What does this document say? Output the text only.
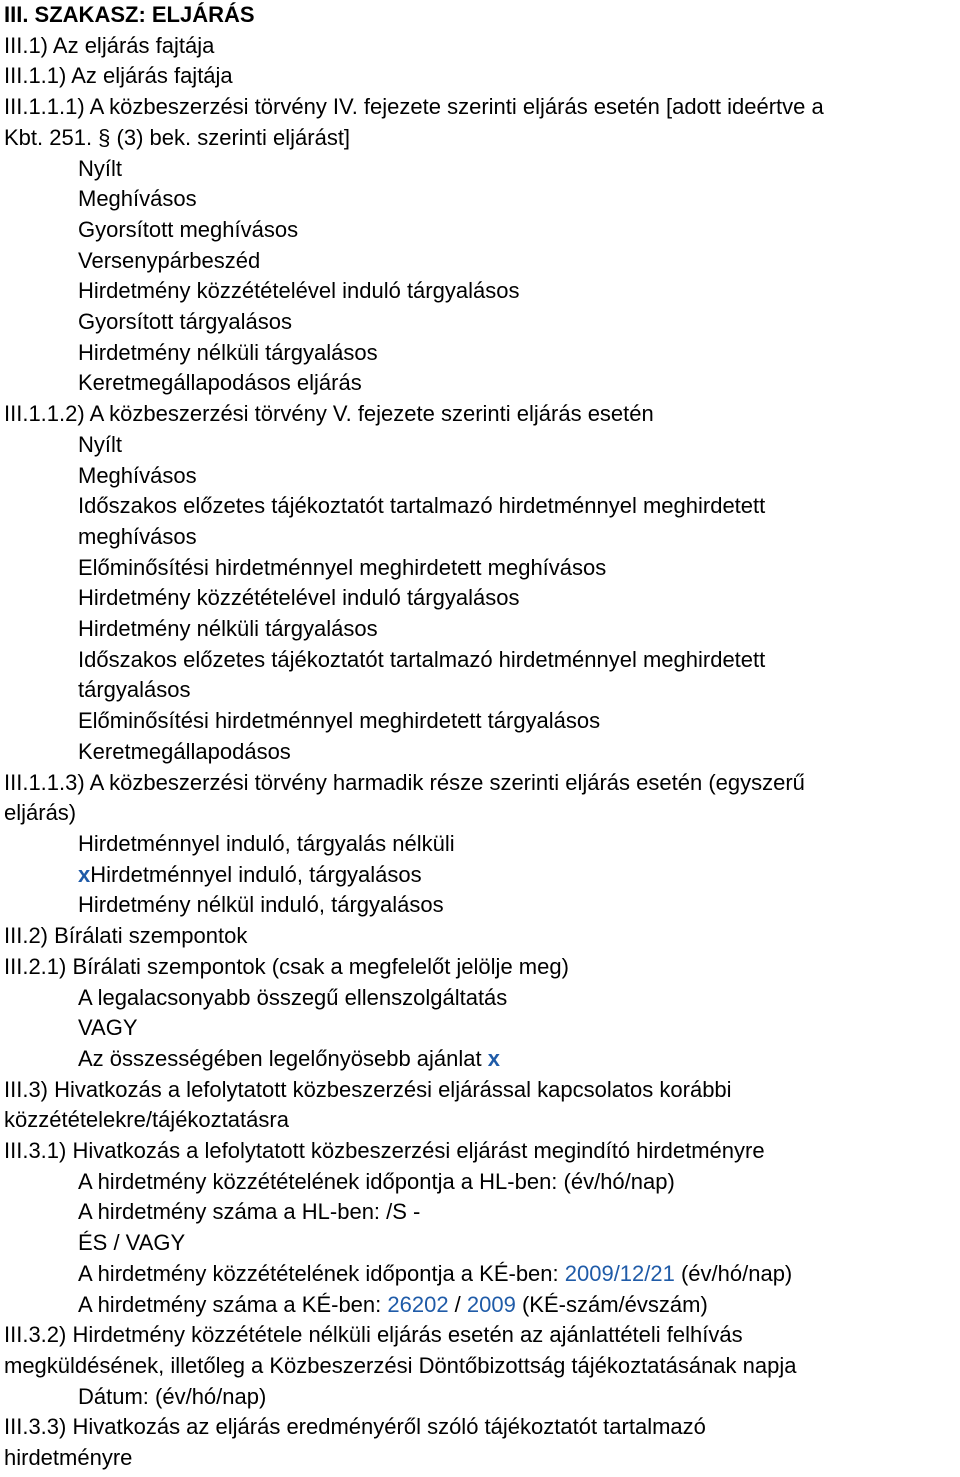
III. SZAKASZ: ELJÁRÁS

III.1) Az eljárás fajtája

III.1.1) Az eljárás fajtája

III.1.1.1) A közbeszerzési törvény IV. fejezete szerinti eljárás esetén [adott ideértve a

Kbt. 251. § (3) bek. szerinti eljárást]

Nyílt

Meghívásos

Gyorsított meghívásos

Versenypárbeszéd

Hirdetmény közzétételével induló tárgyalásos

Gyorsított tárgyalásos

Hirdetmény nélküli tárgyalásos

Keretmegállapodásos eljárás

III.1.1.2) A közbeszerzési törvény V. fejezete szerinti eljárás esetén

Nyílt

Meghívásos

Időszakos előzetes tájékoztatót tartalmazó hirdetménnyel meghirdetett

meghívásos

Előminősítési hirdetménnyel meghirdetett meghívásos

Hirdetmény közzétételével induló tárgyalásos

Hirdetmény nélküli tárgyalásos

Időszakos előzetes tájékoztatót tartalmazó hirdetménnyel meghirdetett

tárgyalásos

Előminősítési hirdetménnyel meghirdetett tárgyalásos

Keretmegállapodásos

III.1.1.3) A közbeszerzési törvény harmadik része szerinti eljárás esetén (egyszerű

eljárás)

Hirdetménnyel induló, tárgyalás nélküli

xHirdetménnyel induló, tárgyalásos

Hirdetmény nélkül induló, tárgyalásos

III.2) Bírálati szempontok

III.2.1) Bírálati szempontok (csak a megfelelőt jelölje meg)

A legalacsonyabb összegű ellenszolgáltatás

VAGY

Az összességében legelőnyösebb ajánlat x

III.3) Hivatkozás a lefolytatott közbeszerzési eljárással kapcsolatos korábbi

közzétételekre/tájékoztatásra

III.3.1) Hivatkozás a lefolytatott közbeszerzési eljárást megindító hirdetményre

A hirdetmény közzétételének időpontja a HL-ben: (év/hó/nap)

A hirdetmény száma a HL-ben: /S -

ÉS / VAGY

A hirdetmény közzétételének időpontja a KÉ-ben: 2009/12/21 (év/hó/nap)

A hirdetmény száma a KÉ-ben: 26202 / 2009 (KÉ-szám/évszám)

III.3.2) Hirdetmény közzététele nélküli eljárás esetén az ajánlattételi felhívás

megküldésének, illetőleg a Közbeszerzési Döntőbizottság tájékoztatásának napja

Dátum: (év/hó/nap)

III.3.3) Hivatkozás az eljárás eredményéről szóló tájékoztatót tartalmazó

hirdetményre
